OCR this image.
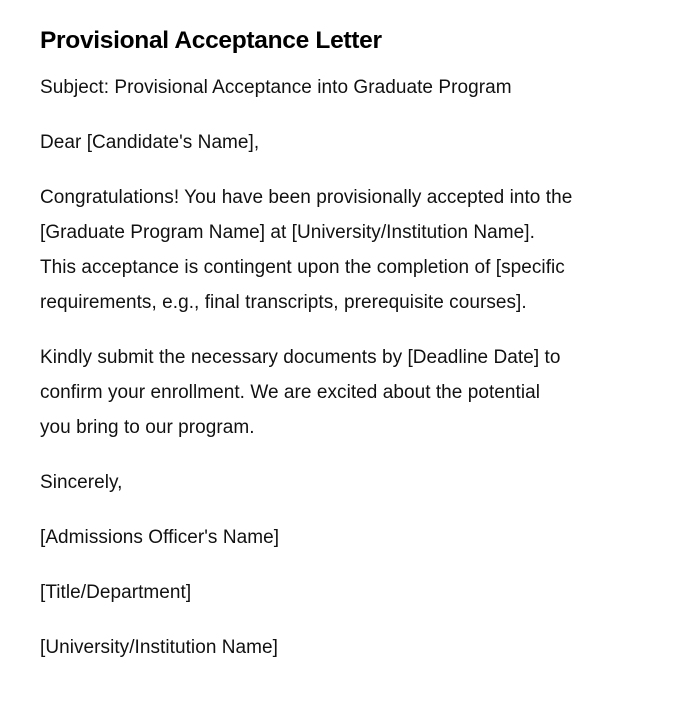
Provisional Acceptance Letter

Subject: Provisional Acceptance into Graduate Program

Dear [Candidate's Name],

Congratulations! You have been provisionally accepted into the
[Graduate Program Name] at [University/Institution Name].
This acceptance is contingent upon the completion of [specific
requirements, e.g., final transcripts, prerequisite courses].

Kindly submit the necessary documents by [Deadline Date] to
confirm your enrollment. We are excited about the potential
you bring to our program.

Sincerely,

[Admissions Officer's Name]

[Title/Department]

[University/Institution Name]
